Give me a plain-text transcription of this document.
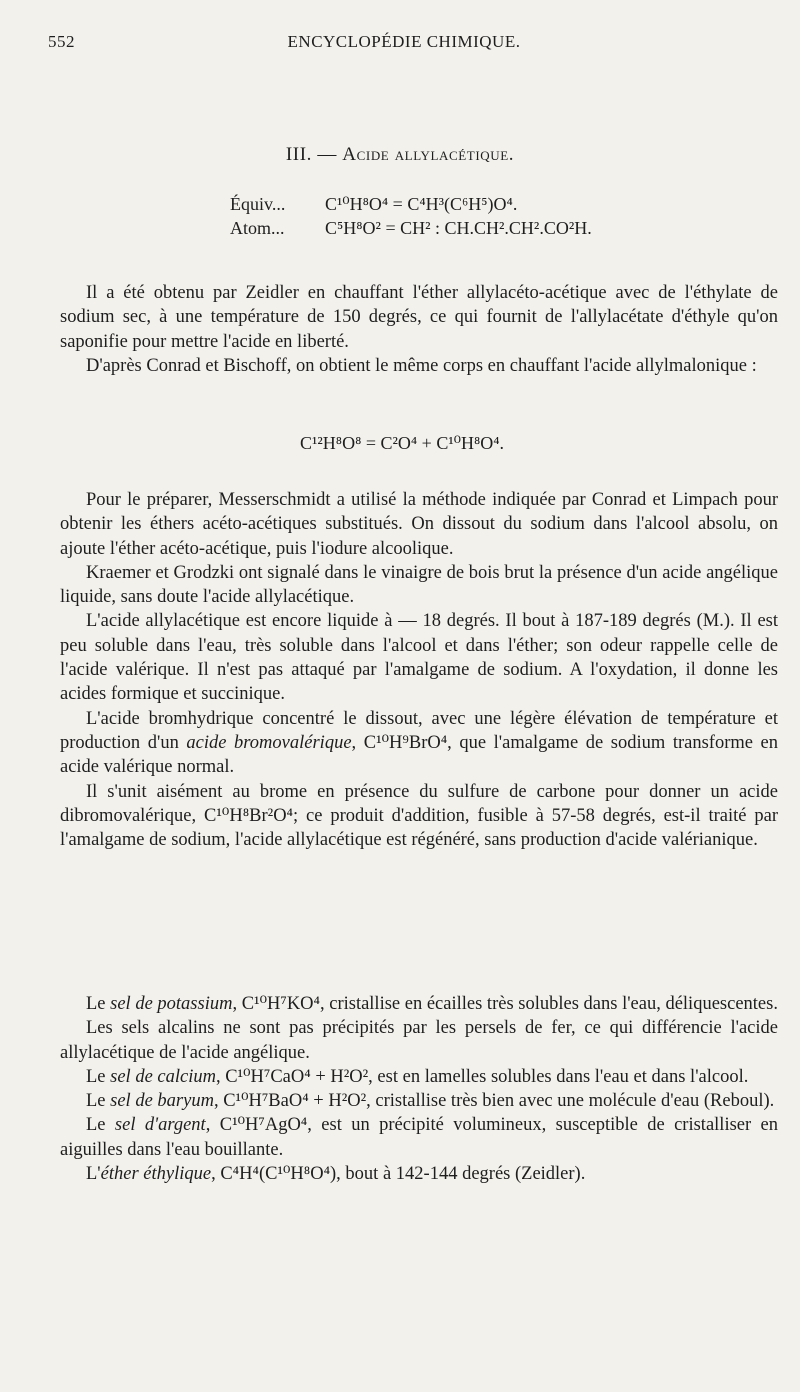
552	ENCYCLOPÉDIE CHIMIQUE.
III. — Acide allylacétique.
Équiv... C¹⁰H⁸O⁴ = C⁴H³(C⁶H⁵)O⁴.
Atom... C⁵H⁸O² = CH² : CH.CH².CH².CO²H.

Il a été obtenu par Zeidler en chauffant l'éther allylacéto-acétique avec de l'éthylate de sodium sec, à une température de 150 degrés, ce qui fournit de l'allylacétate d'éthyle qu'on saponifie pour mettre l'acide en liberté.

D'après Conrad et Bischoff, on obtient le même corps en chauffant l'acide allylmalonique :

C¹²H⁸O⁸ = C²O⁴ + C¹⁰H⁸O⁴.

Pour le préparer, Messerschmidt a utilisé la méthode indiquée par Conrad et Limpach pour obtenir les éthers acéto-acétiques substitués. On dissout du sodium dans l'alcool absolu, on ajoute l'éther acéto-acétique, puis l'iodure alcoolique.

Kraemer et Grodzki ont signalé dans le vinaigre de bois brut la présence d'un acide angélique liquide, sans doute l'acide allylacétique.

L'acide allylacétique est encore liquide à — 18 degrés. Il bout à 187-189 degrés (M.). Il est peu soluble dans l'eau, très soluble dans l'alcool et dans l'éther; son odeur rappelle celle de l'acide valérique. Il n'est pas attaqué par l'amalgame de sodium. A l'oxydation, il donne les acides formique et succinique.

L'acide bromhydrique concentré le dissout, avec une légère élévation de température et production d'un acide bromovalérique, C¹⁰H⁹BrO⁴, que l'amalgame de sodium transforme en acide valérique normal.

Il s'unit aisément au brome en présence du sulfure de carbone pour donner un acide dibromovalérique, C¹⁰H⁸Br²O⁴; ce produit d'addition, fusible à 57-58 degrés, est-il traité par l'amalgame de sodium, l'acide allylacétique est régénéré, sans production d'acide valérianique.

Le sel de potassium, C¹⁰H⁷KO⁴, cristallise en écailles très solubles dans l'eau, déliquescentes.

Les sels alcalins ne sont pas précipités par les persels de fer, ce qui différencie l'acide allylacétique de l'acide angélique.

Le sel de calcium, C¹⁰H⁷CaO⁴ + H²O², est en lamelles solubles dans l'eau et dans l'alcool.

Le sel de baryum, C¹⁰H⁷BaO⁴ + H²O², cristallise très bien avec une molécule d'eau (Reboul).

Le sel d'argent, C¹⁰H⁷AgO⁴, est un précipité volumineux, susceptible de cristalliser en aiguilles dans l'eau bouillante.

L'éther éthylique, C⁴H⁴(C¹⁰H⁸O⁴), bout à 142-144 degrés (Zeidler).
